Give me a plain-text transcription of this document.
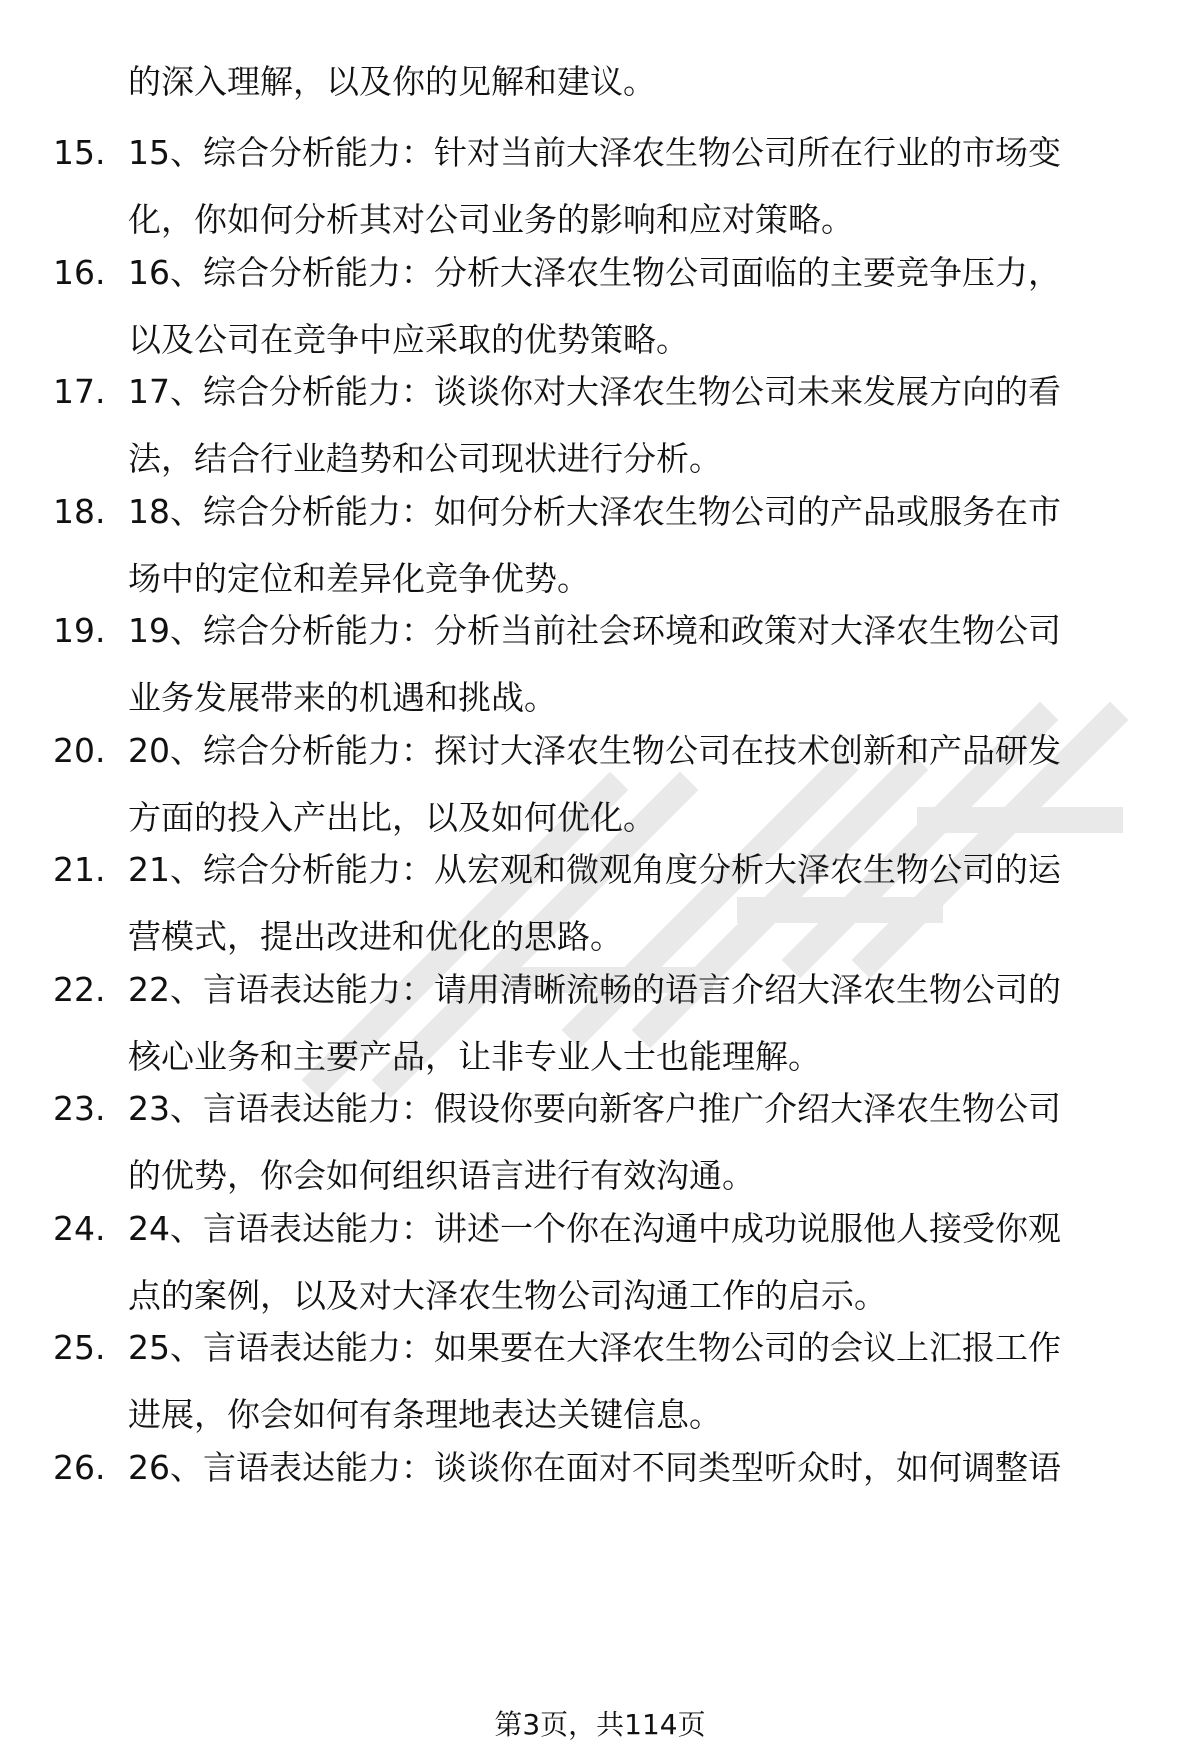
的深入理解，以及你的见解和建议。
15. 15、综合分析能力：针对当前大泽农生物公司所在行业的市场变
化，你如何分析其对公司业务的影响和应对策略。
16. 16、综合分析能力：分析大泽农生物公司面临的主要竞争压力，
以及公司在竞争中应采取的优势策略。
17. 17、综合分析能力：谈谈你对大泽农生物公司未来发展方向的看
法，结合行业趋势和公司现状进行分析。
18. 18、综合分析能力：如何分析大泽农生物公司的产品或服务在市
场中的定位和差异化竞争优势。
19. 19、综合分析能力：分析当前社会环境和政策对大泽农生物公司
业务发展带来的机遇和挑战。
20. 20、综合分析能力：探讨大泽农生物公司在技术创新和产品研发
方面的投入产出比，以及如何优化。
21. 21、综合分析能力：从宏观和微观角度分析大泽农生物公司的运
营模式，提出改进和优化的思路。
22. 22、言语表达能力：请用清晰流畅的语言介绍大泽农生物公司的
核心业务和主要产品，让非专业人士也能理解。
23. 23、言语表达能力：假设你要向新客户推广介绍大泽农生物公司
的优势，你会如何组织语言进行有效沟通。
24. 24、言语表达能力：讲述一个你在沟通中成功说服他人接受你观
点的案例，以及对大泽农生物公司沟通工作的启示。
25. 25、言语表达能力：如果要在大泽农生物公司的会议上汇报工作
进展，你会如何有条理地表达关键信息。
26. 26、言语表达能力：谈谈你在面对不同类型听众时，如何调整语
第3页，共114页
